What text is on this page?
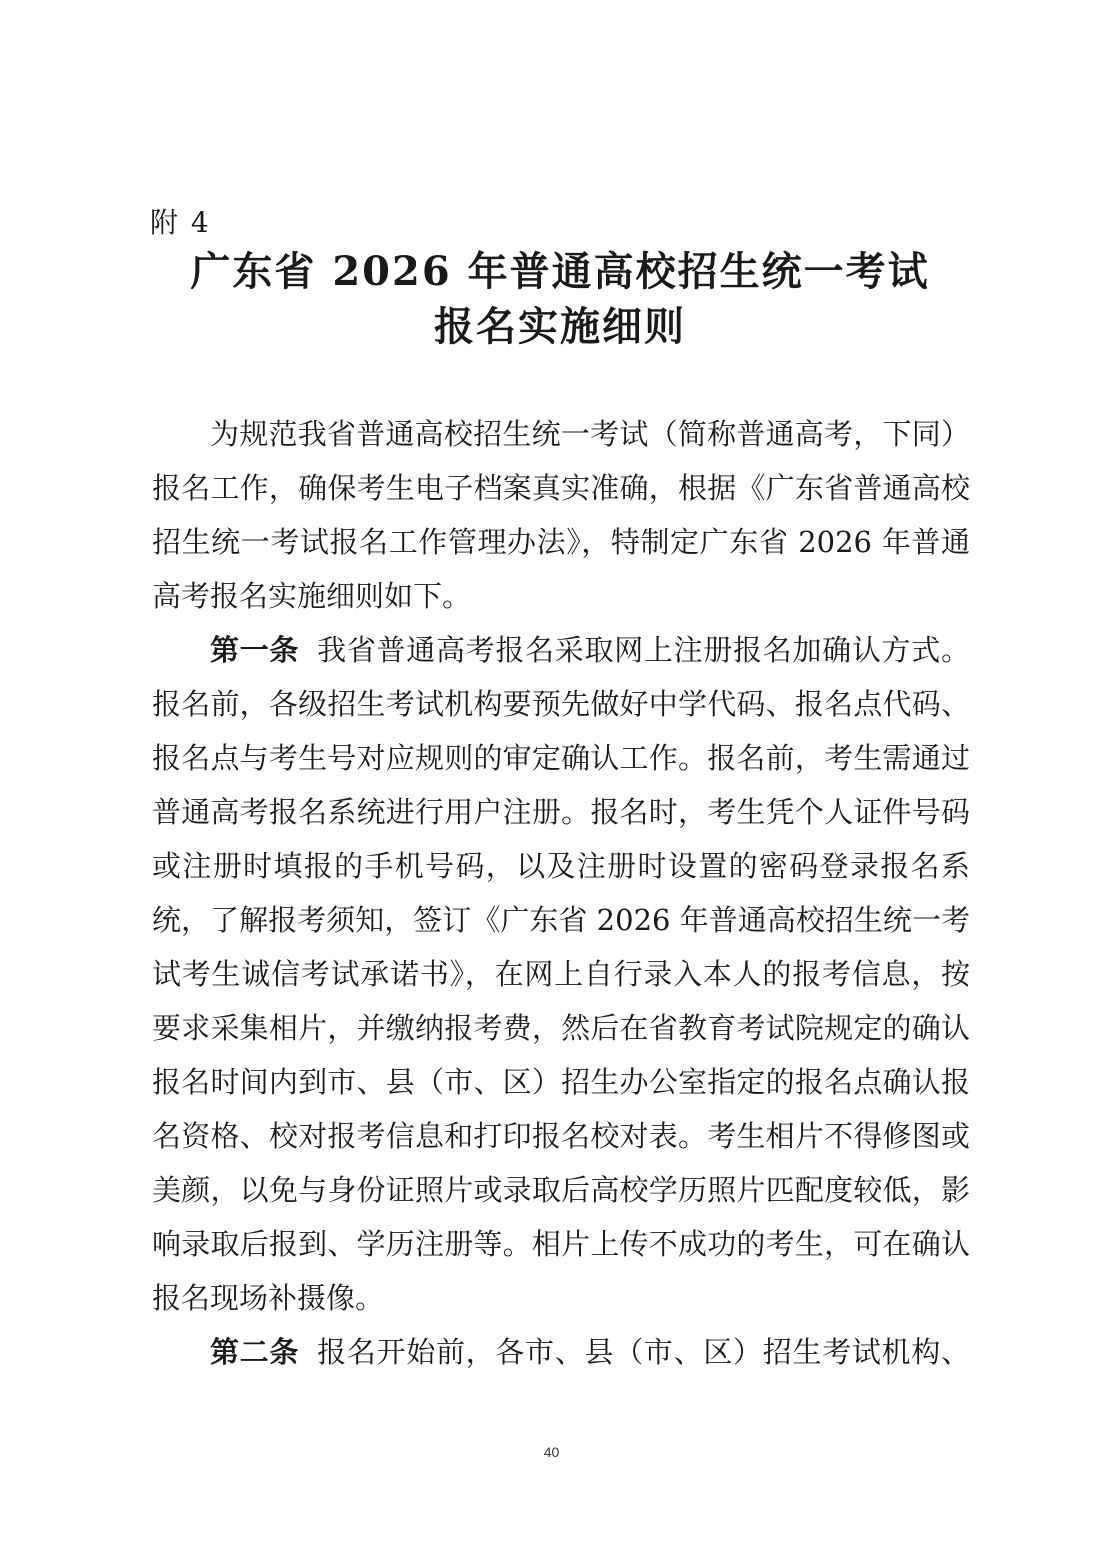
附 4
广东省 2026 年普通高校招生统一考试
报名实施细则
为规范我省普通高校招生统一考试（简称普通高考，下同）
报名工作，确保考生电子档案真实准确，根据《广东省普通高校
招生统一考试报名工作管理办法》，特制定广东省 2026 年普通
高考报名实施细则如下。
第一条 我省普通高考报名采取网上注册报名加确认方式。
报名前，各级招生考试机构要预先做好中学代码、报名点代码、
报名点与考生号对应规则的审定确认工作。报名前，考生需通过
普通高考报名系统进行用户注册。报名时，考生凭个人证件号码
或注册时填报的手机号码，以及注册时设置的密码登录报名系
统，了解报考须知，签订《广东省 2026 年普通高校招生统一考
试考生诚信考试承诺书》，在网上自行录入本人的报考信息，按
要求采集相片，并缴纳报考费，然后在省教育考试院规定的确认
报名时间内到市、县（市、区）招生办公室指定的报名点确认报
名资格、校对报考信息和打印报名校对表。考生相片不得修图或
美颜，以免与身份证照片或录取后高校学历照片匹配度较低，影
响录取后报到、学历注册等。相片上传不成功的考生，可在确认
报名现场补摄像。
第二条 报名开始前，各市、县（市、区）招生考试机构、
40
